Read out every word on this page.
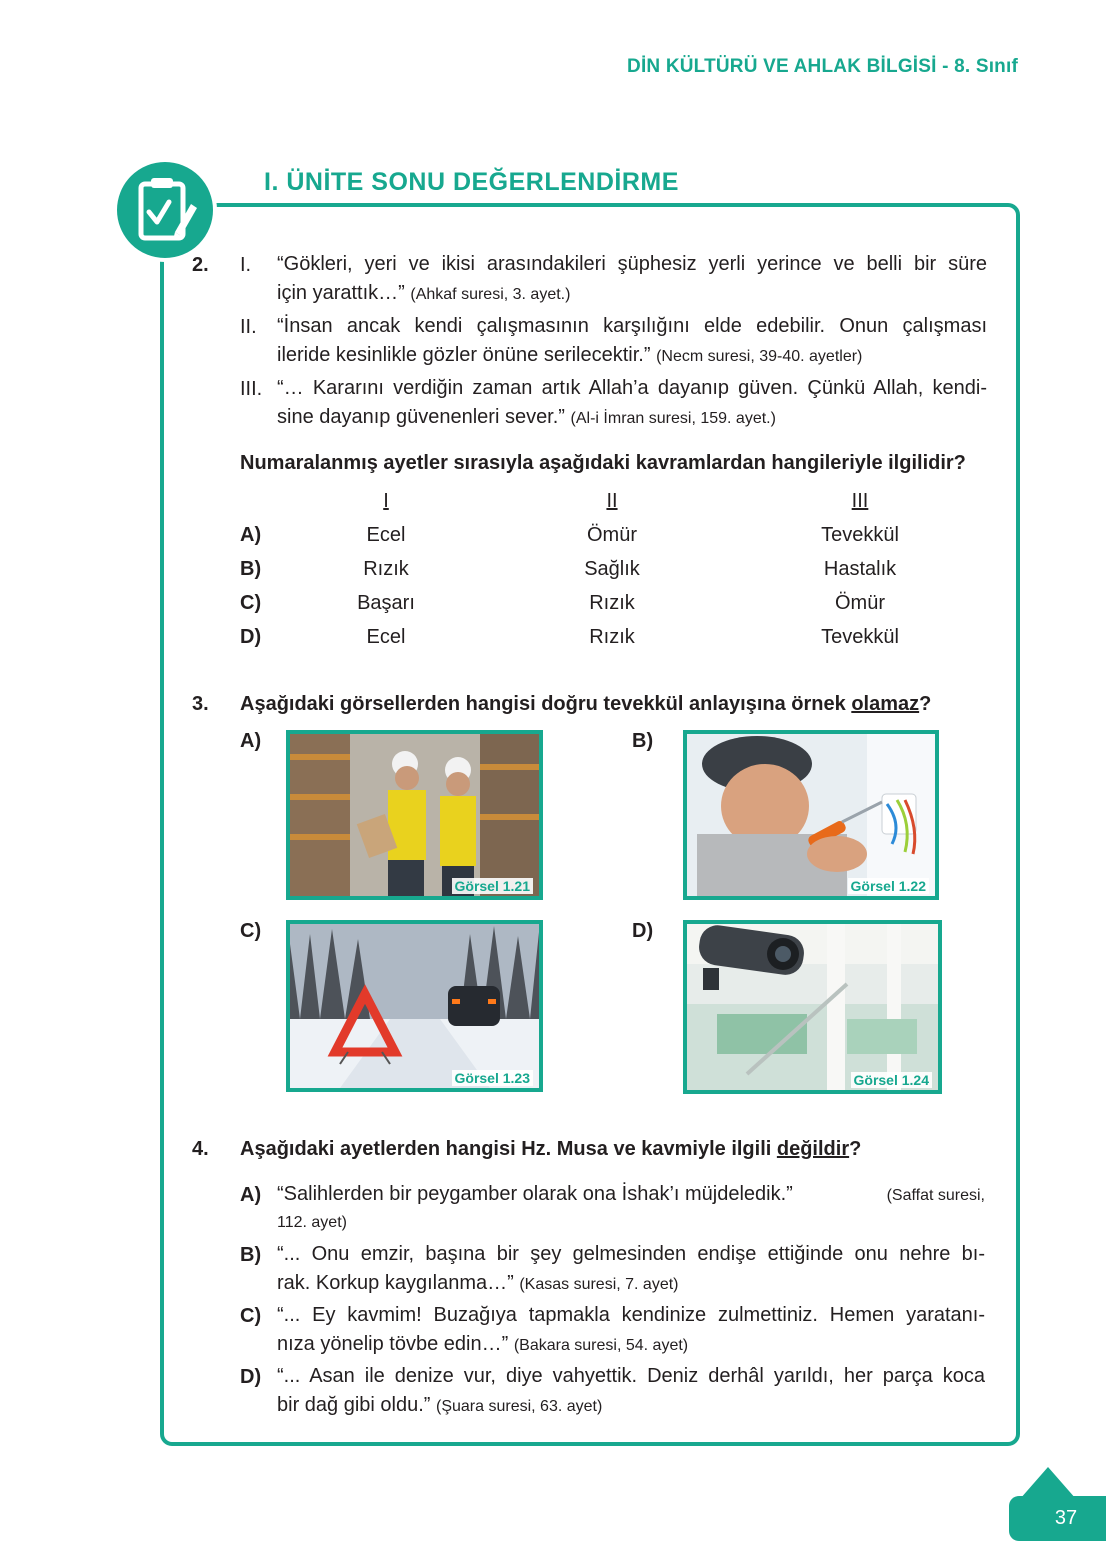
DİN KÜLTÜRÜ VE AHLAK BİLGİSİ - 8. Sınıf
I. ÜNİTE SONU DEĞERLENDİRME
2. I. “Gökleri, yeri ve ikisi arasındakileri şüphesiz yerli yerince ve belli bir süre
için yarattık…” (Ahkaf suresi, 3. ayet.)
II. “İnsan ancak kendi çalışmasının karşılığını elde edebilir. Onun çalışması
ileride kesinlikle gözler önüne serilecektir.” (Necm suresi, 39-40. ayetler)
III. “… Kararını verdiğin zaman artık Allah’a dayanıp güven. Çünkü Allah, kendi-
sine dayanıp güvenenleri sever.” (Al-i İmran suresi, 159. ayet.)
Numaralanmış ayetler sırasıyla aşağıdaki kavramlardan hangileriyle ilgilidir?
I	II	III
A)	Ecel	Ömür	Tevekkül
B)	Rızık	Sağlık	Hastalık
C)	Başarı	Rızık	Ömür
D)	Ecel	Rızık	Tevekkül
3. Aşağıdaki görsellerden hangisi doğru tevekkül anlayışına örnek olamaz?
A)
Görsel 1.21
B)
Görsel 1.22
C)
Görsel 1.23
D)
Görsel 1.24
4. Aşağıdaki ayetlerden hangisi Hz. Musa ve kavmiyle ilgili değildir?
A) “Salihlerden bir peygamber olarak ona İshak’ı müjdeledik.”	(Saffat suresi,
112. ayet)
B) “... Onu emzir, başına bir şey gelmesinden endişe ettiğinde onu nehre bı-
rak. Korkup kaygılanma…” (Kasas suresi, 7. ayet)
C) “... Ey kavmim! Buzağıya tapmakla kendinize zulmettiniz. Hemen yaratanı-
nıza yönelip tövbe edin…” (Bakara suresi, 54. ayet)
D) “... Asan ile denize vur, diye vahyettik. Deniz derhâl yarıldı, her parça koca
bir dağ gibi oldu.” (Şuara suresi, 63. ayet)
37
